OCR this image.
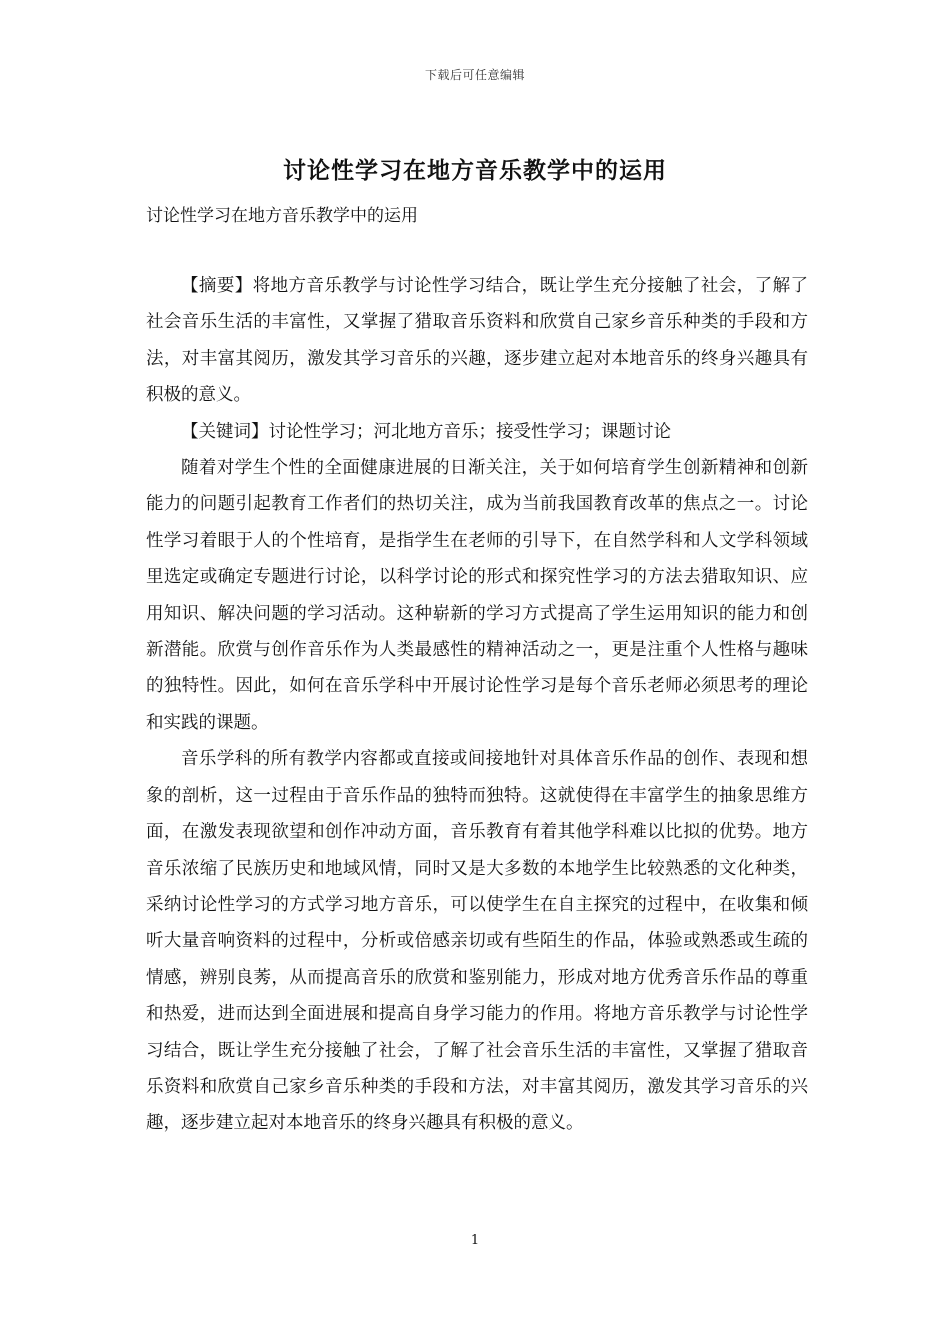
下载后可任意编辑
讨论性学习在地方音乐教学中的运用
讨论性学习在地方音乐教学中的运用

【摘要】将地方音乐教学与讨论性学习结合，既让学生充分接触了社会，了解了社会音乐生活的丰富性，又掌握了猎取音乐资料和欣赏自己家乡音乐种类的手段和方法，对丰富其阅历，激发其学习音乐的兴趣，逐步建立起对本地音乐的终身兴趣具有积极的意义。

【关键词】讨论性学习；河北地方音乐；接受性学习；课题讨论

随着对学生个性的全面健康进展的日渐关注，关于如何培育学生创新精神和创新能力的问题引起教育工作者们的热切关注，成为当前我国教育改革的焦点之一。讨论性学习着眼于人的个性培育，是指学生在老师的引导下，在自然学科和人文学科领域里选定或确定专题进行讨论，以科学讨论的形式和探究性学习的方法去猎取知识、应用知识、解决问题的学习活动。这种崭新的学习方式提高了学生运用知识的能力和创新潜能。欣赏与创作音乐作为人类最感性的精神活动之一，更是注重个人性格与趣味的独特性。因此，如何在音乐学科中开展讨论性学习是每个音乐老师必须思考的理论和实践的课题。

音乐学科的所有教学内容都或直接或间接地针对具体音乐作品的创作、表现和想象的剖析，这一过程由于音乐作品的独特而独特。这就使得在丰富学生的抽象思维方面，在激发表现欲望和创作冲动方面，音乐教育有着其他学科难以比拟的优势。地方音乐浓缩了民族历史和地域风情，同时又是大多数的本地学生比较熟悉的文化种类，采纳讨论性学习的方式学习地方音乐，可以使学生在自主探究的过程中，在收集和倾听大量音响资料的过程中，分析或倍感亲切或有些陌生的作品，体验或熟悉或生疏的情感，辨别良莠，从而提高音乐的欣赏和鉴别能力，形成对地方优秀音乐作品的尊重和热爱，进而达到全面进展和提高自身学习能力的作用。将地方音乐教学与讨论性学习结合，既让学生充分接触了社会，了解了社会音乐生活的丰富性，又掌握了猎取音乐资料和欣赏自己家乡音乐种类的手段和方法，对丰富其阅历，激发其学习音乐的兴趣，逐步建立起对本地音乐的终身兴趣具有积极的意义。

1
